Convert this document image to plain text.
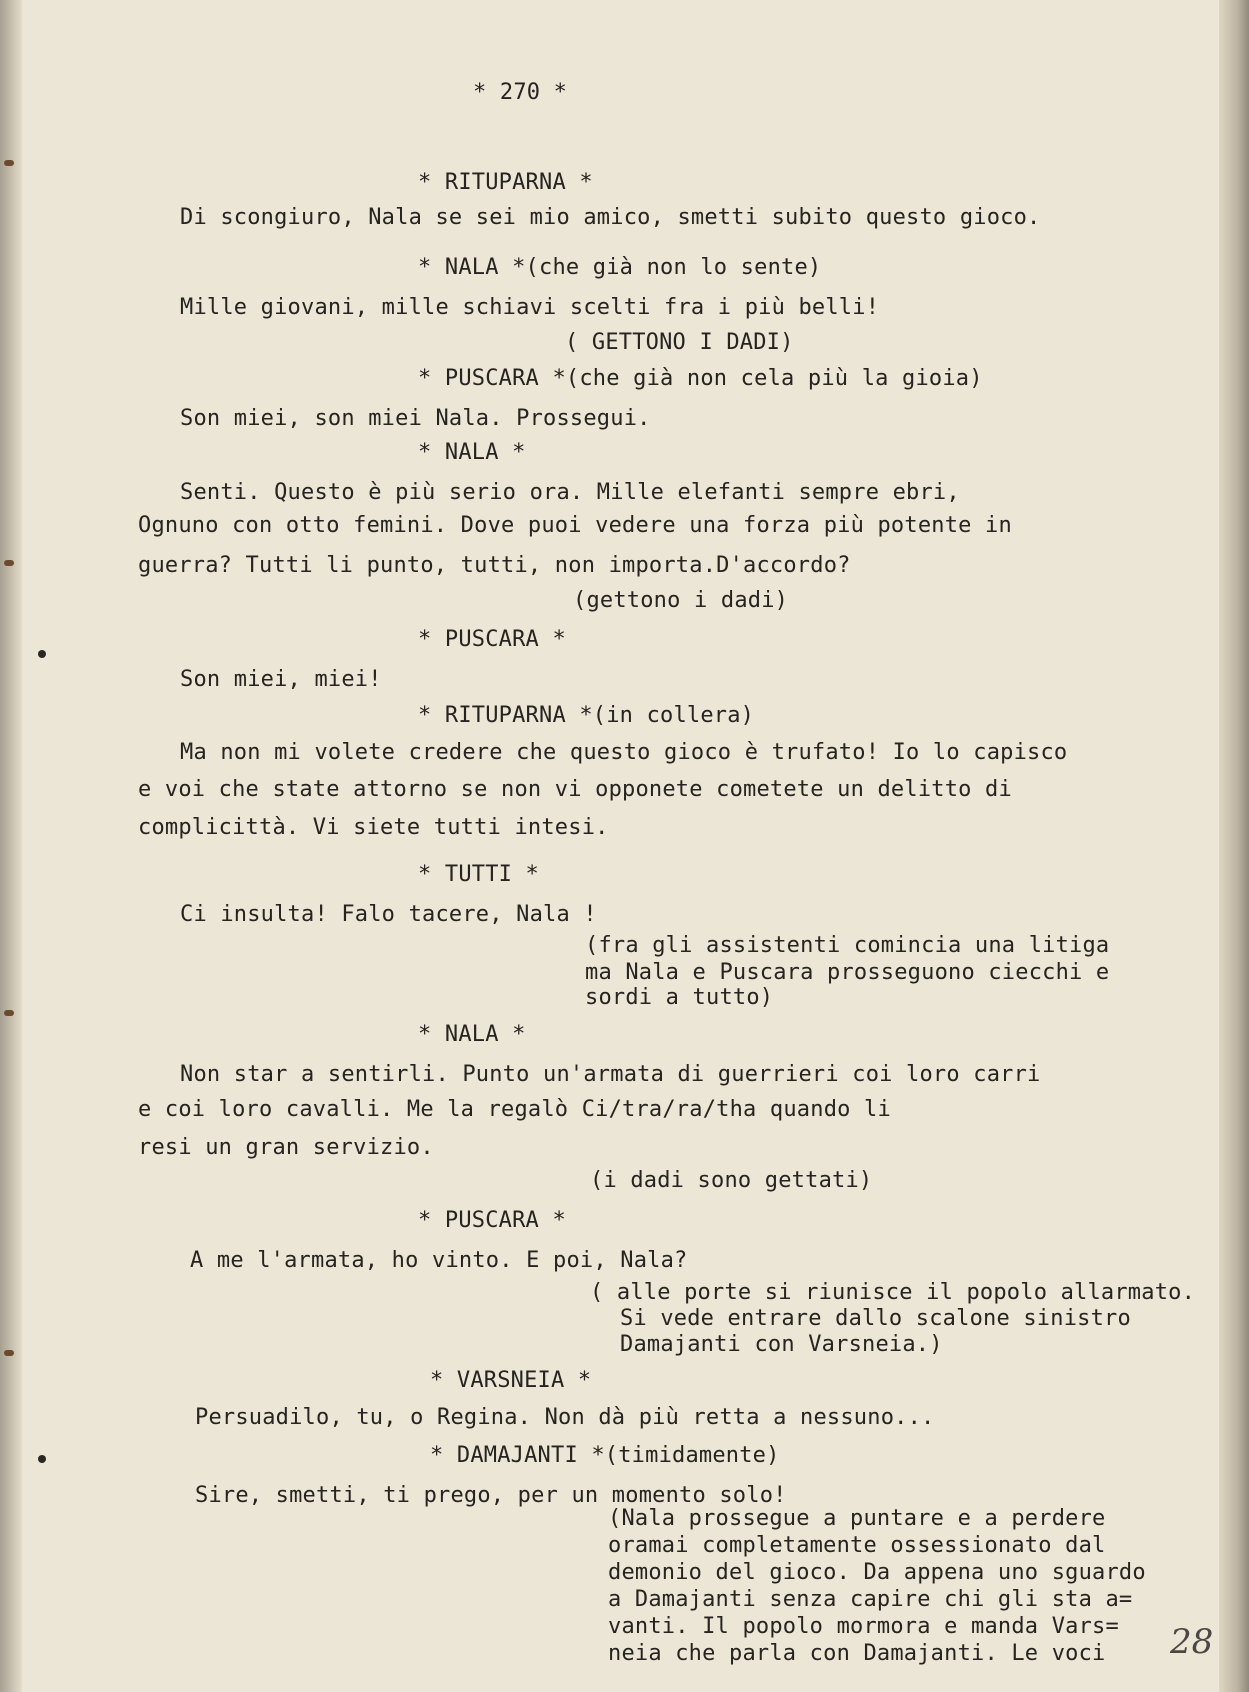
* 270 *

* RITUPARNA *

Di scongiuro, Nala se sei mio amico, smetti subito questo gioco.

* NALA *(che già non lo sente)

Mille giovani, mille schiavi scelti fra i più belli!

( GETTONO I DADI)

* PUSCARA *(che già non cela più la gioia)

Son miei, son miei Nala. Prossegui.

* NALA *

Senti. Questo è più serio ora. Mille elefanti sempre ebri,

Ognuno con otto femini. Dove puoi vedere una forza più potente in

guerra? Tutti li punto, tutti, non importa.D'accordo?

(gettono i dadi)

* PUSCARA *

Son miei, miei!

* RITUPARNA *(in collera)

Ma non mi volete credere che questo gioco è trufato! Io lo capisco

e voi che state attorno se non vi opponete cometete un delitto di

complicittà. Vi siete tutti intesi.

* TUTTI *

Ci insulta! Falo tacere, Nala !

(fra gli assistenti comincia una litiga

ma Nala e Puscara prosseguono ciecchi e

sordi a tutto)

* NALA *

Non star a sentirli. Punto un'armata di guerrieri coi loro carri

e coi loro cavalli. Me la regalò Ci/tra/ra/tha quando li

resi un gran servizio.

(i dadi sono gettati)

* PUSCARA *

A me l'armata, ho vinto. E poi, Nala?

( alle porte si riunisce il popolo allarmato.

Si vede entrare dallo scalone sinistro

Damajanti con Varsneia.)

* VARSNEIA *

Persuadilo, tu, o Regina. Non dà più retta a nessuno...

* DAMAJANTI *(timidamente)

Sire, smetti, ti prego, per un momento solo!

(Nala prossegue a puntare e a perdere

oramai completamente ossessionato dal

demonio del gioco. Da appena uno sguardo

a Damajanti senza capire chi gli sta a=

vanti. Il popolo mormora e manda Vars=

neia che parla con Damajanti. Le voci 28
